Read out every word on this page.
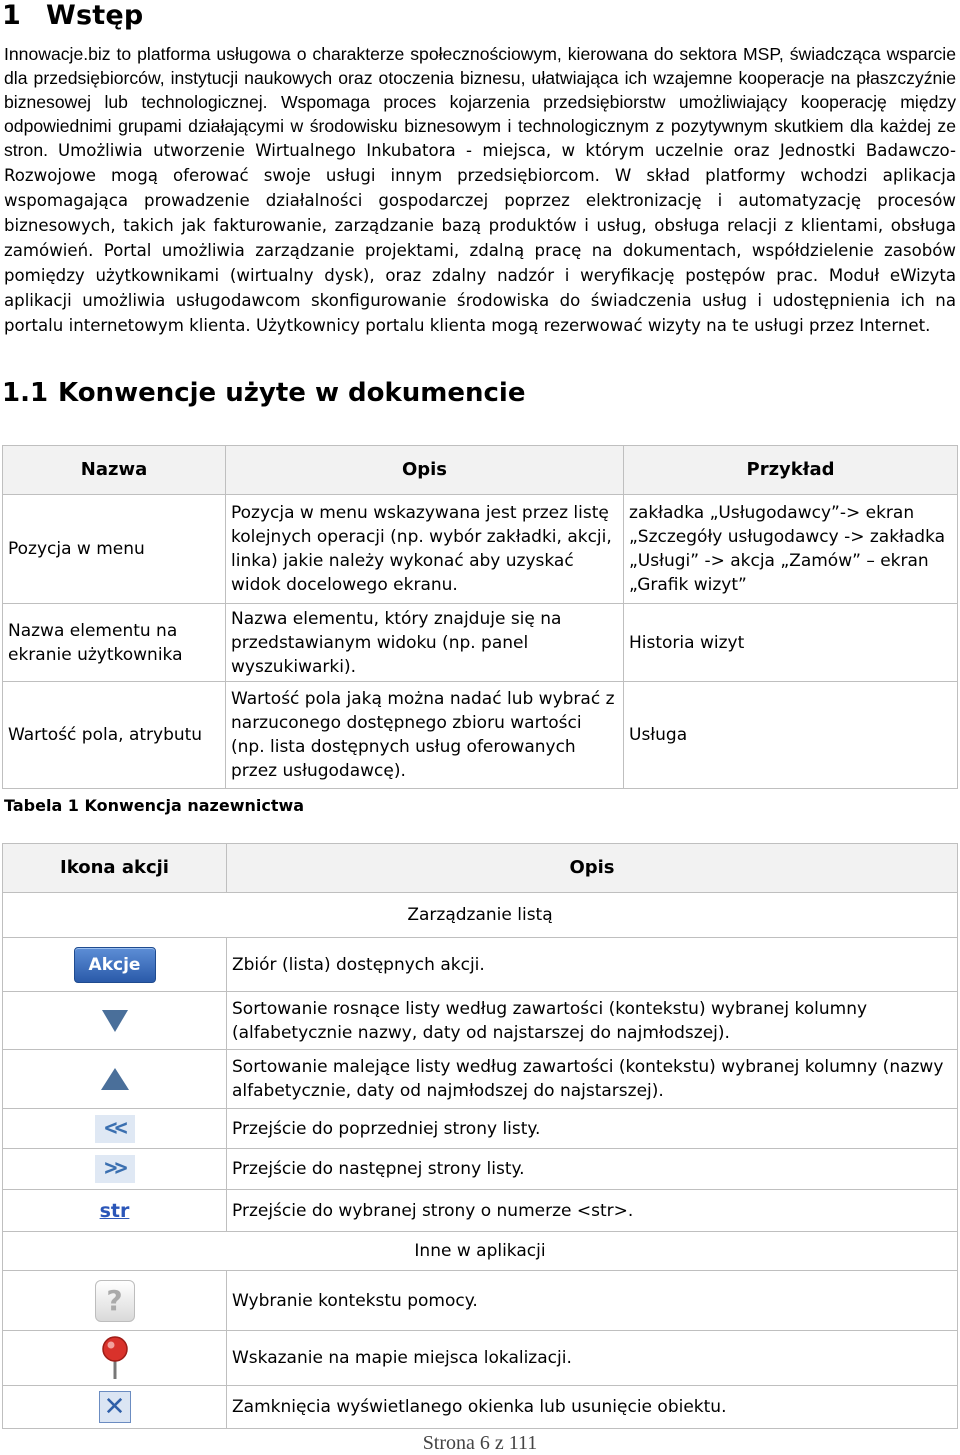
1 Wstęp
Innowacje.biz to platforma usługowa o charakterze społecznościowym, kierowana do sektora MSP, świadcząca wsparcie dla przedsiębiorców, instytucji naukowych oraz otoczenia biznesu, ułatwiająca ich wzajemne kooperacje na płaszczyźnie biznesowej lub technologicznej. Wspomaga proces kojarzenia przedsiębiorstw umożliwiający kooperację między odpowiednimi grupami działającymi w środowisku biznesowym i technologicznym z pozytywnym skutkiem dla każdej ze stron. Umożliwia utworzenie Wirtualnego Inkubatora - miejsca, w którym uczelnie oraz Jednostki Badawczo-Rozwojowe mogą oferować swoje usługi innym przedsiębiorcom. W skład platformy wchodzi aplikacja wspomagająca prowadzenie działalności gospodarczej poprzez elektronizację i automatyzację procesów biznesowych, takich jak fakturowanie, zarządzanie bazą produktów i usług, obsługa relacji z klientami, obsługa zamówień. Portal umożliwia zarządzanie projektami, zdalną pracę na dokumentach, współdzielenie zasobów pomiędzy użytkownikami (wirtualny dysk), oraz zdalny nadzór i weryfikację postępów prac. Moduł eWizyta aplikacji umożliwia usługodawcom skonfigurowanie środowiska do świadczenia usług i udostępnienia ich na portalu internetowym klienta. Użytkownicy portalu klienta mogą rezerwować wizyty na te usługi przez Internet.
1.1 Konwencje użyte w dokumencie
Nazwa	Opis	Przykład
Pozycja w menu	Pozycja w menu wskazywana jest przez listę kolejnych operacji (np. wybór zakładki, akcji, linka) jakie należy wykonać aby uzyskać widok docelowego ekranu.	zakładka „Usługodawcy”-> ekran „Szczegóły usługodawcy -> zakładka „Usługi” -> akcja „Zamów” – ekran „Grafik wizyt”
Nazwa elementu na ekranie użytkownika	Nazwa elementu, który znajduje się na przedstawianym widoku (np. panel wyszukiwarki).	Historia wizyt
Wartość pola, atrybutu	Wartość pola jaką można nadać lub wybrać z narzuconego dostępnego zbioru wartości (np. lista dostępnych usług oferowanych przez usługodawcę).	Usługa
Tabela 1 Konwencja nazewnictwa
Ikona akcji	Opis
Zarządzanie listą	
Akcje	Zbiór (lista) dostępnych akcji.
	Sortowanie rosnące listy według zawartości (kontekstu) wybranej kolumny (alfabetycznie nazwy, daty od najstarszej do najmłodszej).
	Sortowanie malejące listy według zawartości (kontekstu) wybranej kolumny (nazwy alfabetycznie, daty od najmłodszej do najstarszej).
<<	Przejście do poprzedniej strony listy.
>>	Przejście do następnej strony listy.
str	Przejście do wybranej strony o numerze <str>.
Inne w aplikacji	
?	Wybranie kontekstu pomocy.
	Wskazanie na mapie miejsca lokalizacji.
✕	Zamknięcia wyświetlanego okienka lub usunięcie obiektu.
Strona 6 z 111
